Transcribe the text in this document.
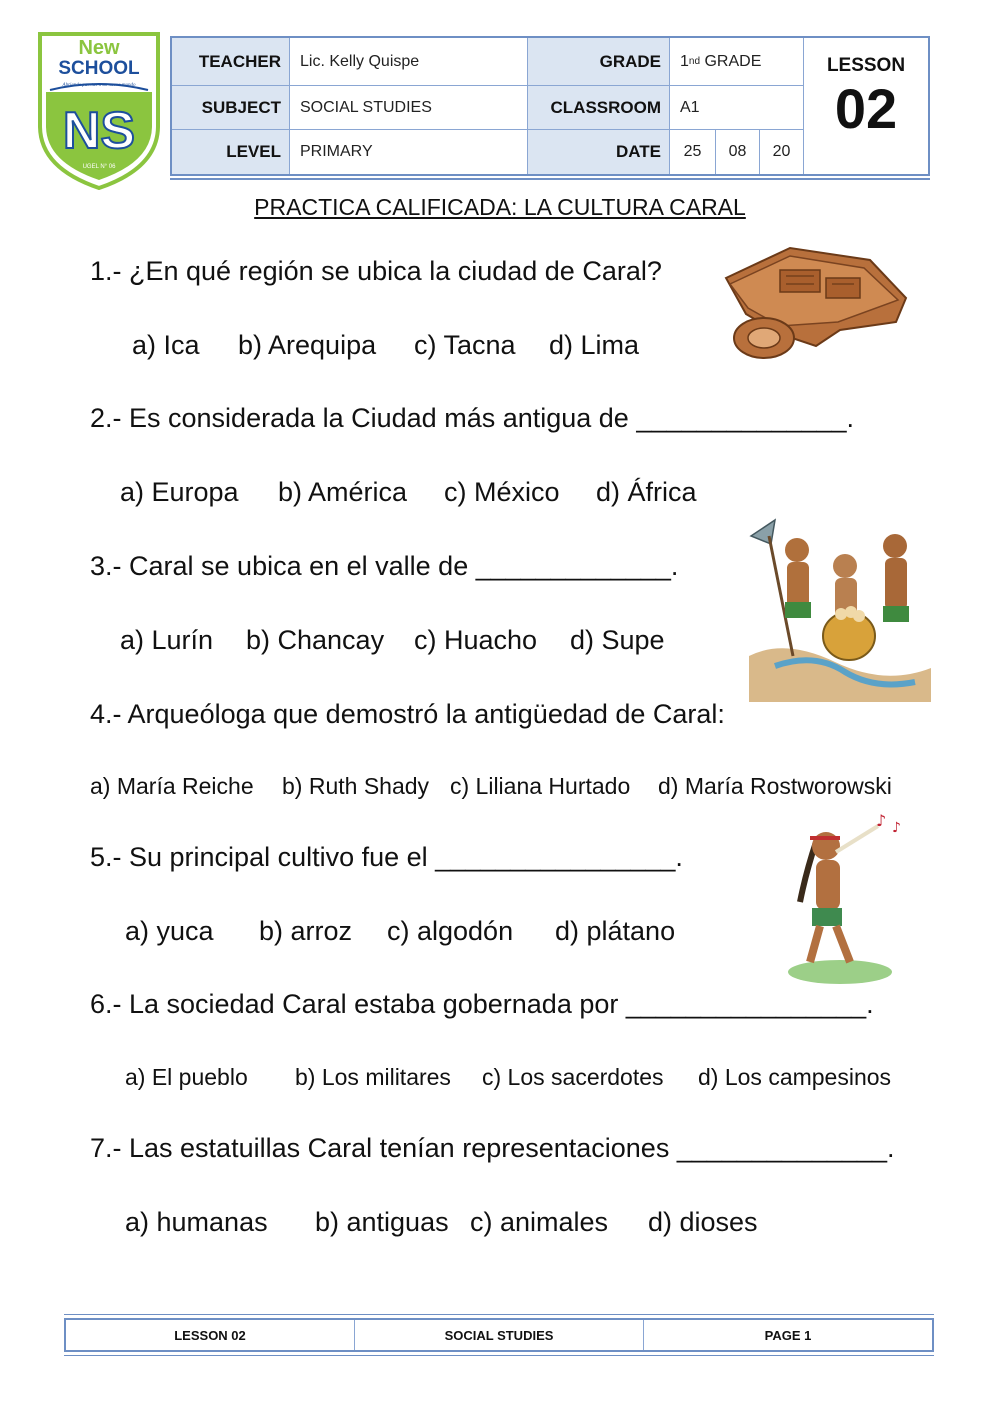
New
SCHOOL
Abriendo puertas a un nuevo mundo
NS
UGEL N° 06
TEACHER	Lic. Kelly Quispe	GRADE	1 nd
GRADE
SUBJECT	SOCIAL STUDIES	CLASSROOM	A1
LEVEL	PRIMARY	DATE	25	08	20
LESSON
02
PRACTICA CALIFICADA: LA CULTURA CARAL
1.- ¿En qué región se ubica la ciudad de Caral?
a) Ica b) Arequipa c) Tacna d) Lima
2.- Es considerada la Ciudad más antigua de ______________.
a) Europa b) América c) México d) África
3.- Caral se ubica en el valle de _____________.
a) Lurín b) Chancay c) Huacho d) Supe
4.- Arqueóloga que demostró la antigüedad de Caral:
a) María Reiche b) Ruth Shady c) Liliana Hurtado d) María Rostworowski
5.- Su principal cultivo fue el ________________.
a) yuca b) arroz c) algodón d) plátano
6.- La sociedad Caral estaba gobernada por ________________.
a) El pueblo b) Los militares c) Los sacerdotes d) Los campesinos
7.- Las estatuillas Caral tenían representaciones ______________.
a) humanas b) antiguas c) animales d) dioses
♪ ♪
LESSON 02	SOCIAL STUDIES	PAGE 1
